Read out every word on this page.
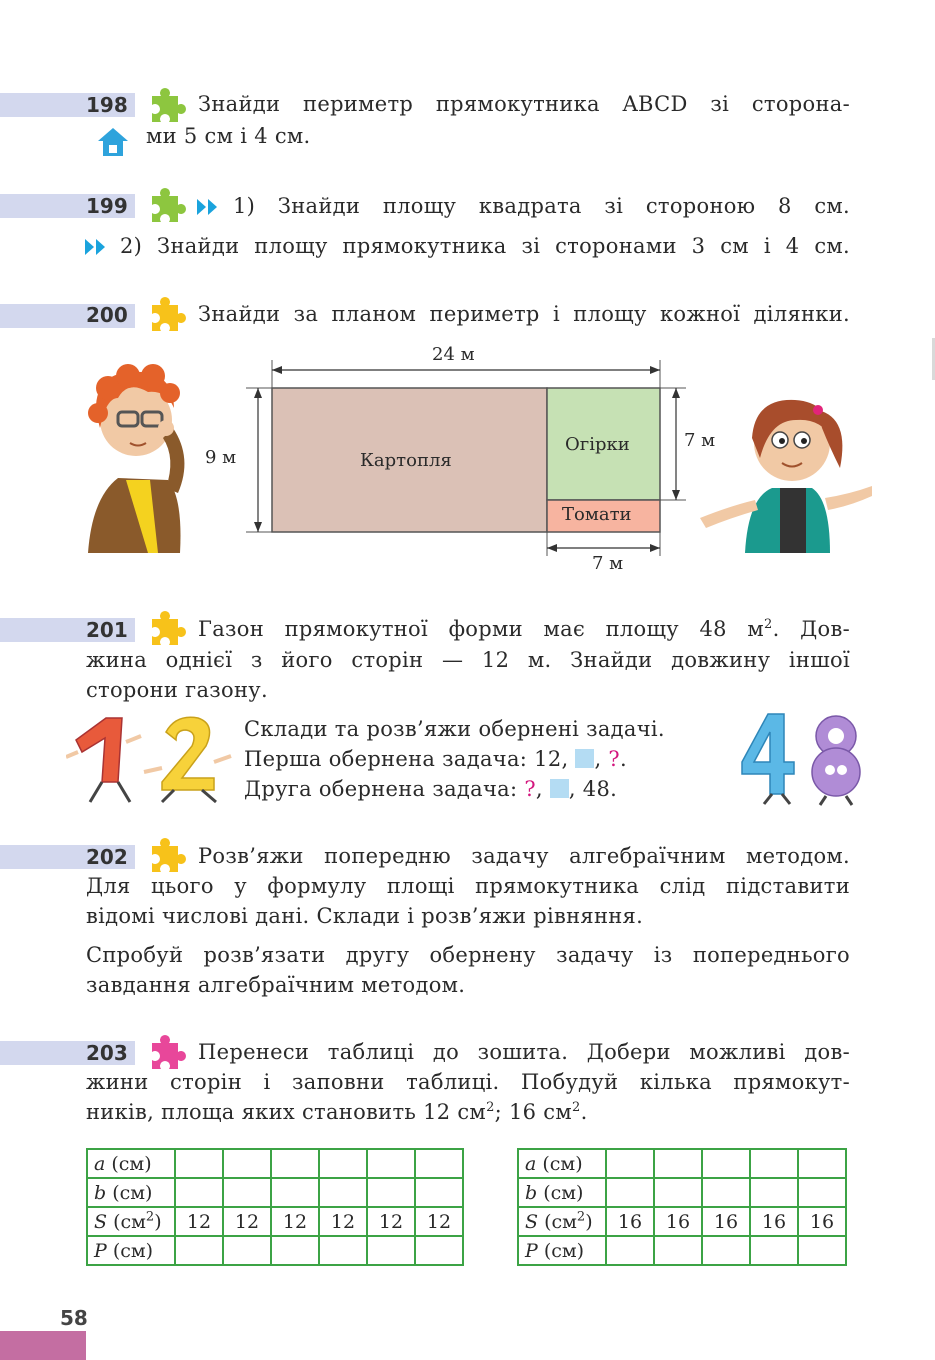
198	Знайди периметр прямокутника ABCD зі сторона-
ми 5 см і 4 см.
199	1) Знайди площу квадрата зі стороною 8 см.
2) Знайди площу прямокутника зі сторонами 3 см і 4 см.
200	Знайди за планом периметр і площу кожної ділянки.
24 м
9 м
7 м
7 м
Картопля
Огірки
Томати
201	Газон прямокутної форми має площу 48 $м^2$. Дов-
жина однієї з його сторін — 12 м. Знайди довжину іншої
сторони газону.
Склади та розв’яжи обернені задачі.
Перша обернена задача: 12, , ?.
Друга обернена задача: ?, , 48.
202	Розв’яжи попередню задачу алгебраїчним методом.
Для цього у формулу площі прямокутника слід підставити
відомі числові дані. Склади і розв’яжи рівняння.
Спробуй розв’язати другу обернену задачу із попереднього
завдання алгебраїчним методом.
203	Перенеси таблиці до зошита. Добери можливі дов-
жини сторін і заповни таблиці. Побудуй кілька прямокут-
ників, площа яких становить 12 $см^2$; 16 $см^2$.
a (см)						
b (см)						
S $(см^2)$	12	12	12	12	12	12
P (см)						
a (см)					
b (см)					
S $(см^2)$	16	16	16	16	16
P (см)					
58
